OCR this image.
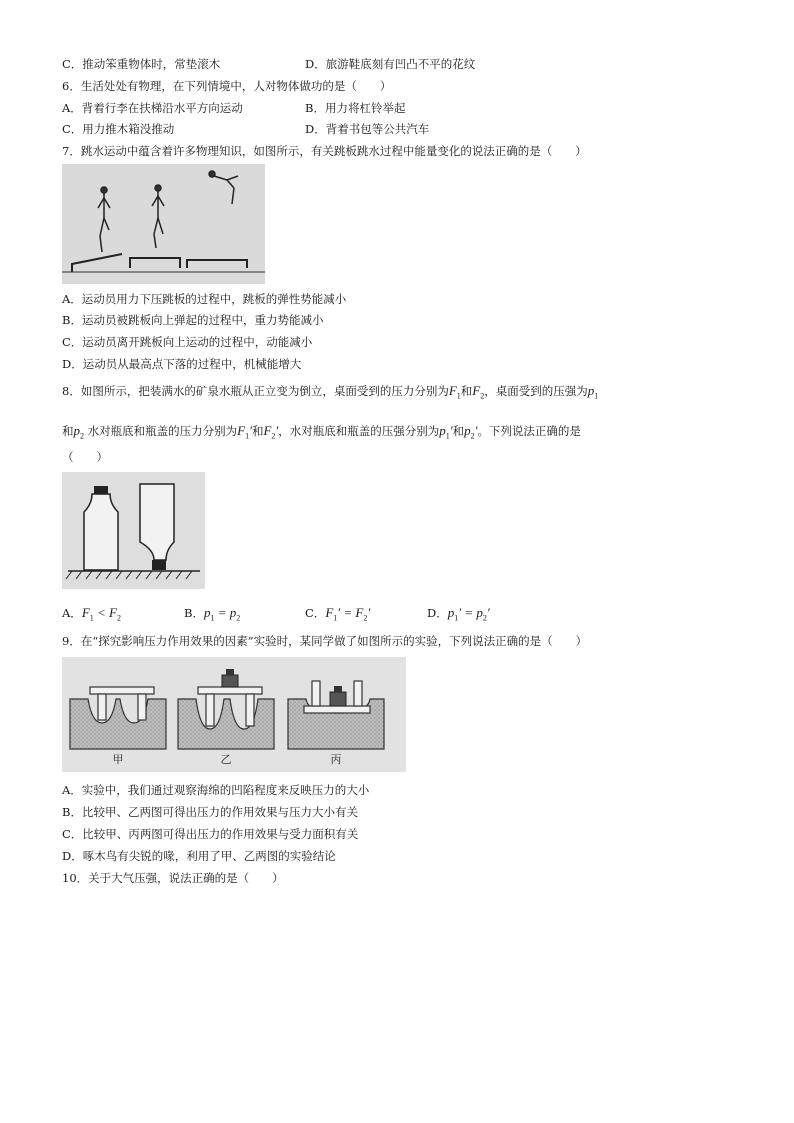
C．推动笨重物体时，常垫滚木	D．旅游鞋底刻有凹凸不平的花纹
6．生活处处有物理，在下列情境中，人对物体做功的是（　　）
A．背着行李在扶梯沿水平方向运动	B．用力将杠铃举起
C．用力推木箱没推动	D．背着书包等公共汽车
7．跳水运动中蕴含着许多物理知识，如图所示，有关跳板跳水过程中能量变化的说法正确的是（　　）
A．运动员用力下压跳板的过程中，跳板的弹性势能减小
B．运动员被跳板向上弹起的过程中，重力势能减小
C．运动员离开跳板向上运动的过程中，动能减小
D．运动员从最高点下落的过程中，机械能增大
8．如图所示，把装满水的矿泉水瓶从正立变为倒立，桌面受到的压力分别为$F_1$和$F_2$，桌面受到的压强为$p_1$
和$p_2$ 水对瓶底和瓶盖的压力分别为$F_1'$和$F_2'$，水对瓶底和瓶盖的压强分别为$p_1'$和$p_2'$。下列说法正确的是
（　　）
A．$F_1 < F_2$	B．$p_1 = p_2$	C．$F_1' = F_2'$	D．$p_1' = p_2'$
9．在“探究影响压力作用效果的因素”实验时，某同学做了如图所示的实验，下列说法正确的是（　　）
甲	乙	丙
A．实验中，我们通过观察海绵的凹陷程度来反映压力的大小
B．比较甲、乙两图可得出压力的作用效果与压力大小有关
C．比较甲、丙两图可得出压力的作用效果与受力面积有关
D．啄木鸟有尖锐的喙，利用了甲、乙两图的实验结论
10．关于大气压强，说法正确的是（　　）
